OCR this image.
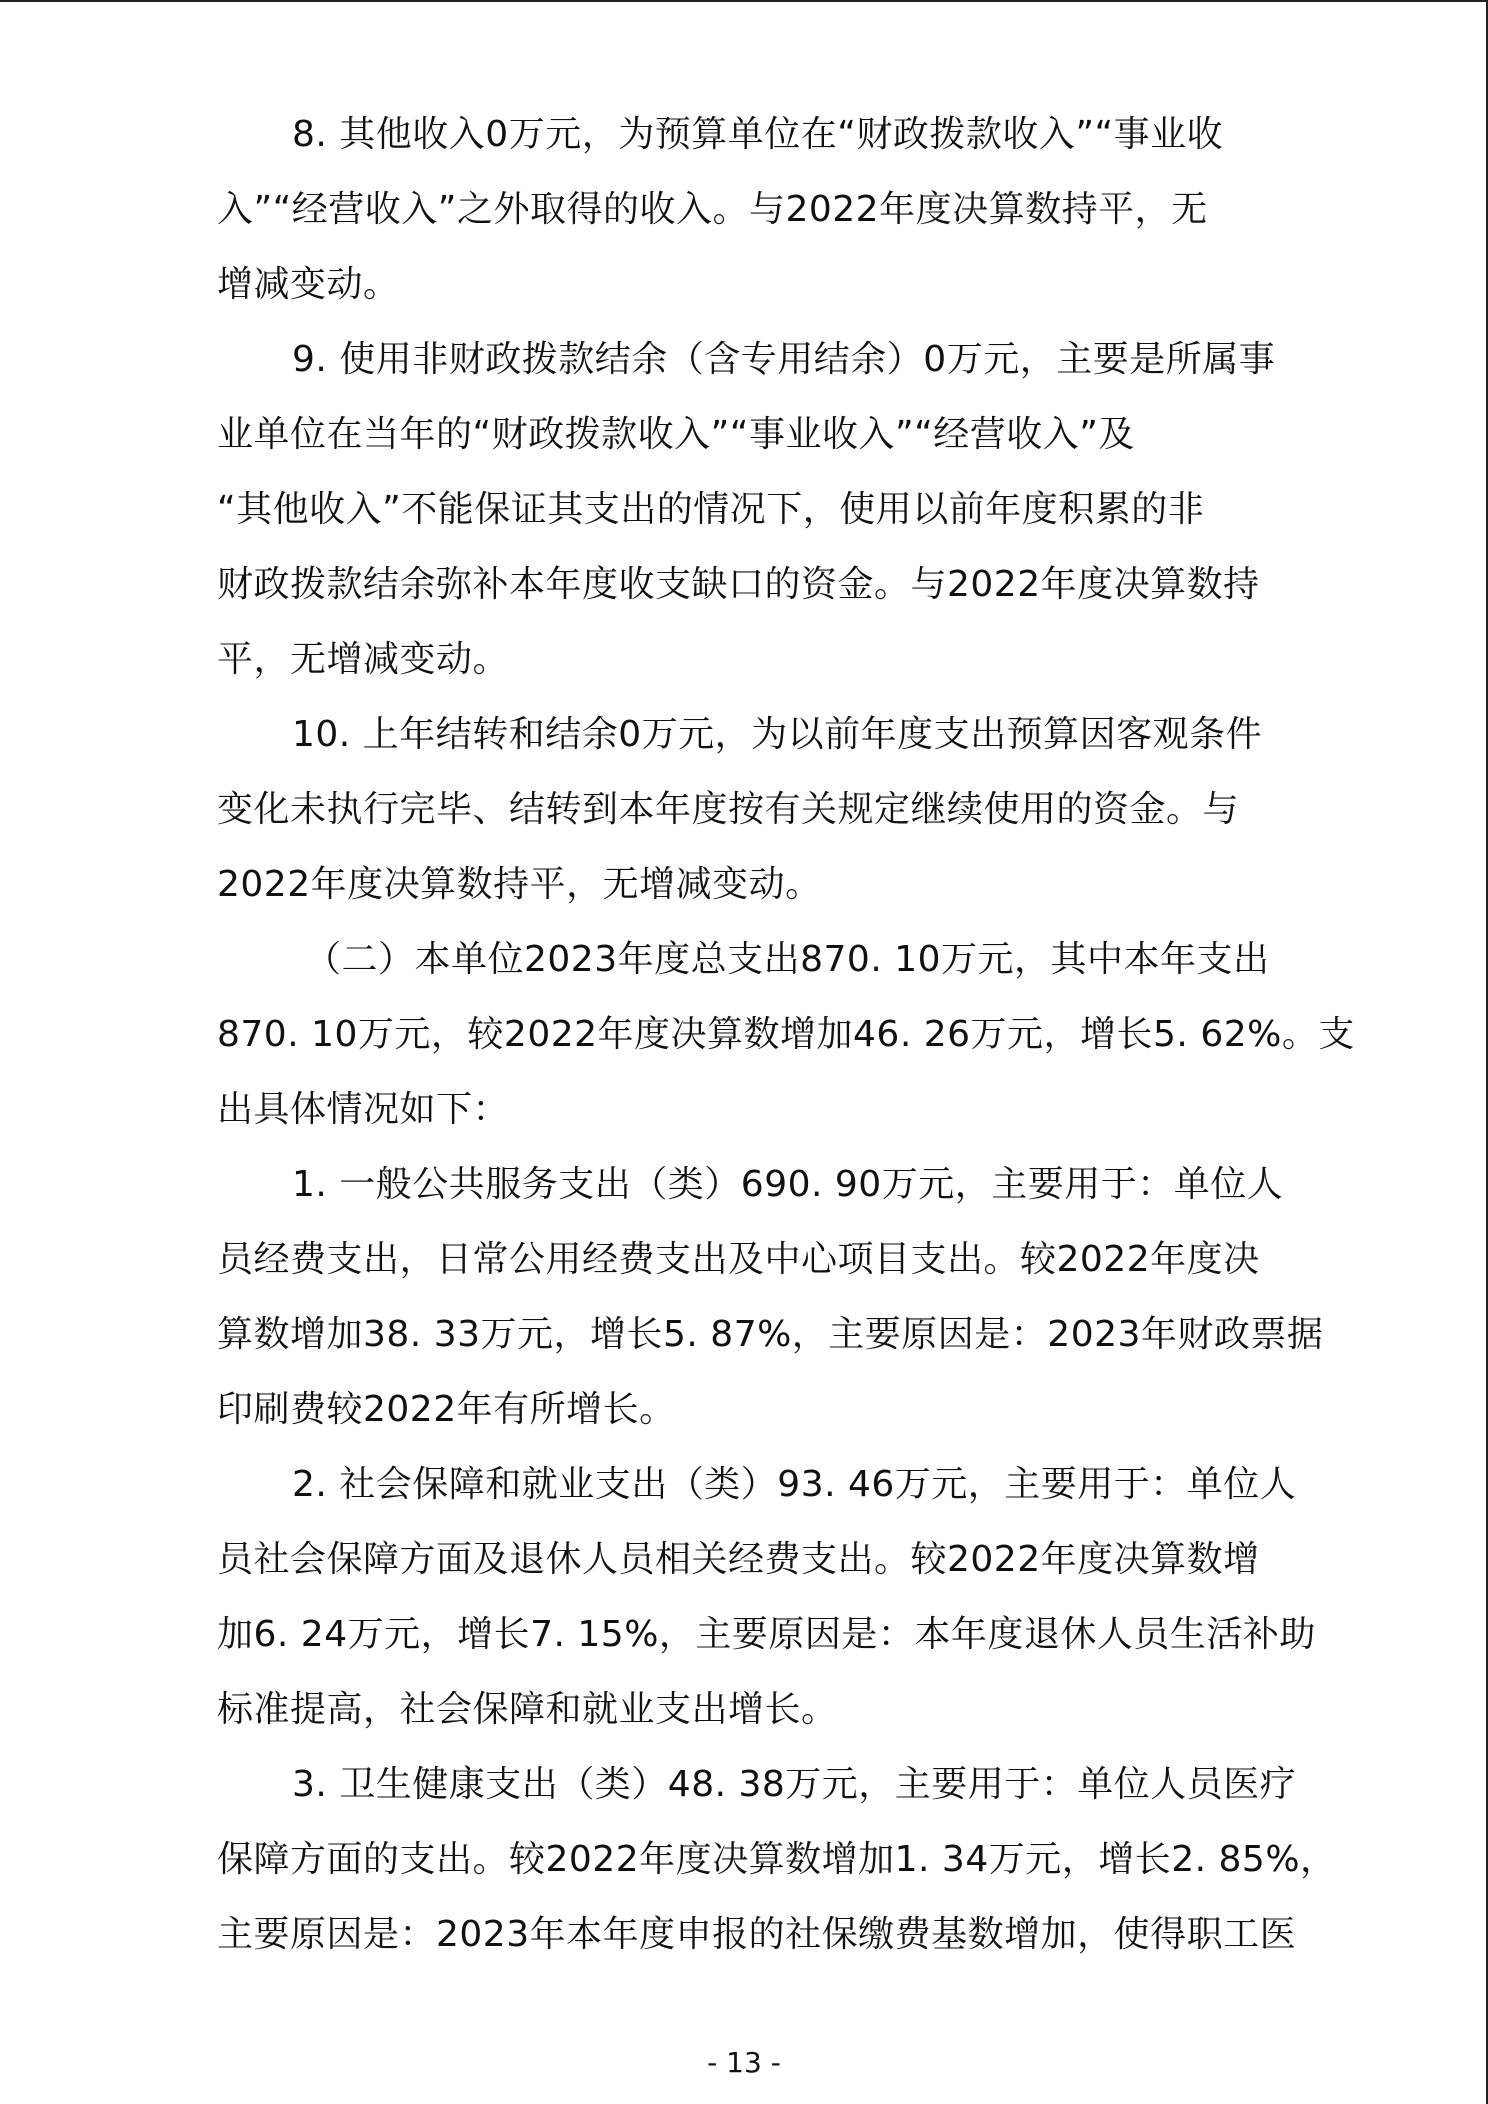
8. 其他收入0万元，为预算单位在“财政拨款收入”“事业收
入”“经营收入”之外取得的收入。与2022年度决算数持平，无
增减变动。
9. 使用非财政拨款结余（含专用结余）0万元，主要是所属事
业单位在当年的“财政拨款收入”“事业收入”“经营收入”及
“其他收入”不能保证其支出的情况下，使用以前年度积累的非
财政拨款结余弥补本年度收支缺口的资金。与2022年度决算数持
平，无增减变动。
10. 上年结转和结余0万元，为以前年度支出预算因客观条件
变化未执行完毕、结转到本年度按有关规定继续使用的资金。与
2022年度决算数持平，无增减变动。
（二）本单位2023年度总支出870. 10万元，其中本年支出
870. 10万元，较2022年度决算数增加46. 26万元，增长5. 62%。支
出具体情况如下：
1. 一般公共服务支出（类）690. 90万元，主要用于：单位人
员经费支出，日常公用经费支出及中心项目支出。较2022年度决
算数增加38. 33万元，增长5. 87%，主要原因是：2023年财政票据
印刷费较2022年有所增长。
2. 社会保障和就业支出（类）93. 46万元，主要用于：单位人
员社会保障方面及退休人员相关经费支出。较2022年度决算数增
加6. 24万元，增长7. 15%，主要原因是：本年度退休人员生活补助
标准提高，社会保障和就业支出增长。
3. 卫生健康支出（类）48. 38万元，主要用于：单位人员医疗
保障方面的支出。较2022年度决算数增加1. 34万元，增长2. 85%，
主要原因是：2023年本年度申报的社保缴费基数增加，使得职工医
- 13 -
